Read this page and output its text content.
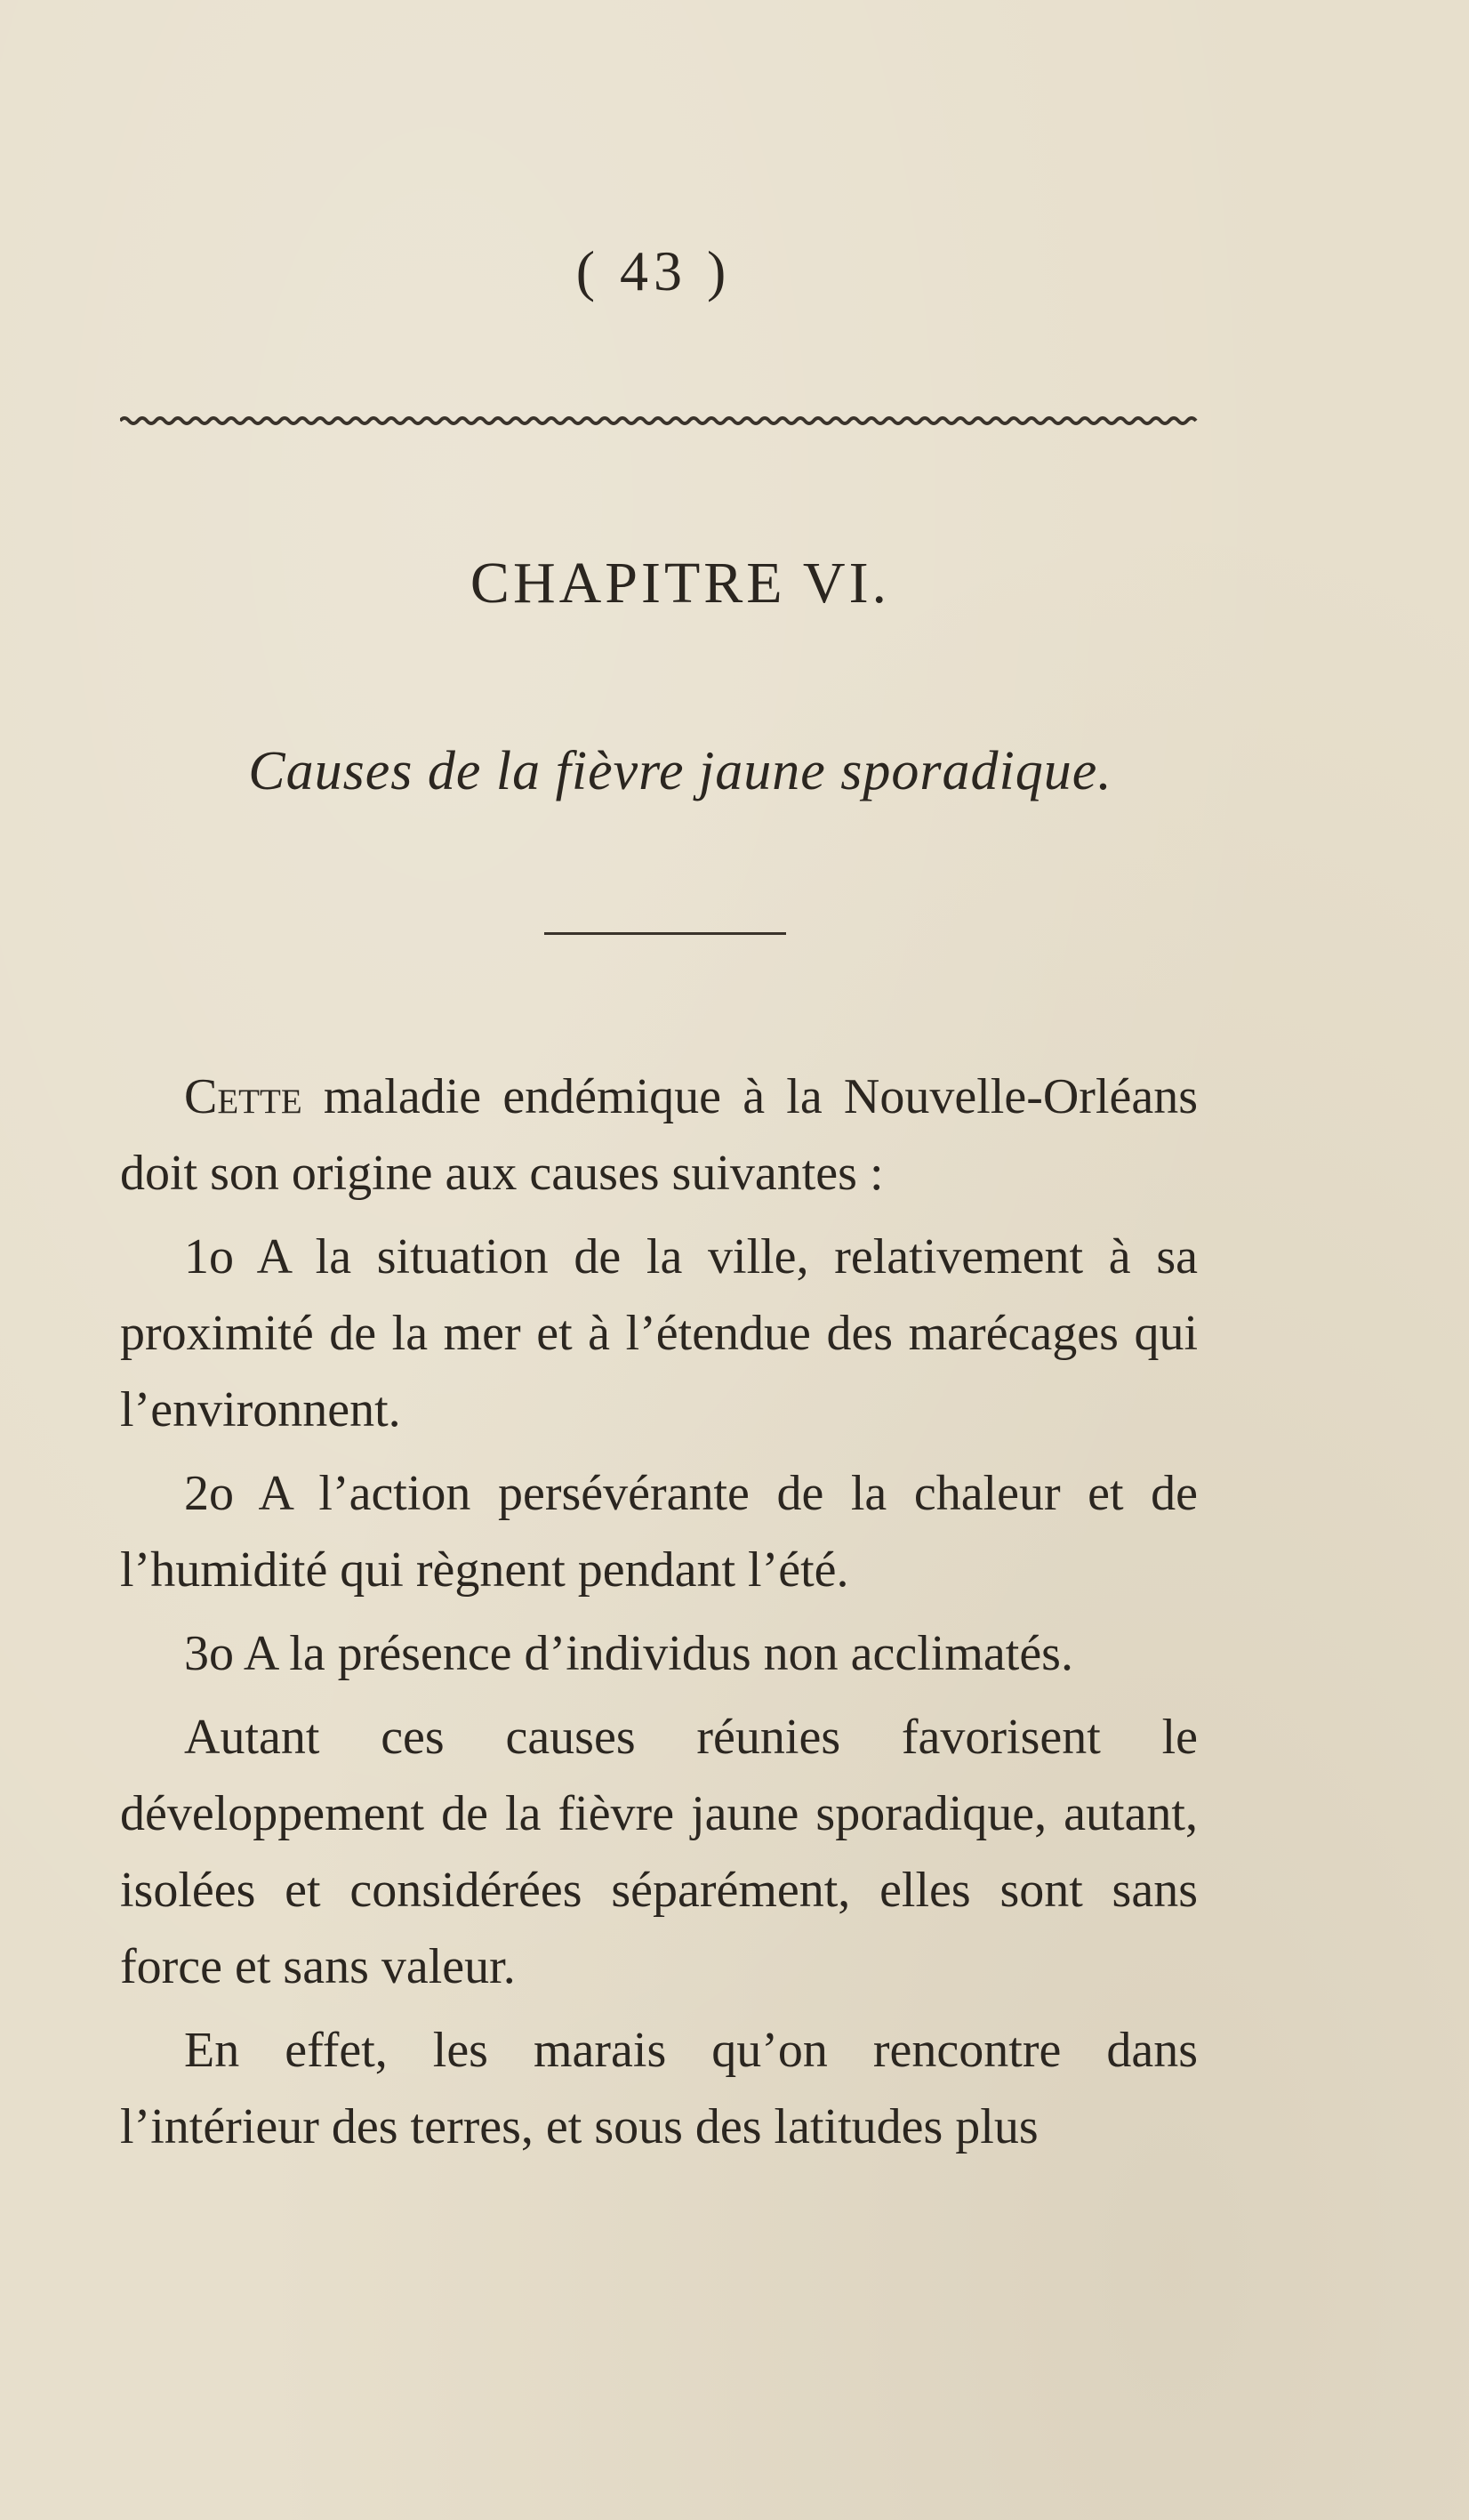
( 43 )
CHAPITRE VI.
Causes de la fièvre jaune sporadique.

Cette maladie endémique à la Nouvelle-Orléans doit son origine aux causes suivantes :

1o A la situation de la ville, relativement à sa proximité de la mer et à l’étendue des marécages qui l’environnent.

2o A l’action persévérante de la chaleur et de l’humidité qui règnent pendant l’été.

3o A la présence d’individus non acclimatés.

Autant ces causes réunies favorisent le développement de la fièvre jaune sporadique, autant, isolées et considérées séparément, elles sont sans force et sans valeur.

En effet, les marais qu’on rencontre dans l’intérieur des terres, et sous des latitudes plus
